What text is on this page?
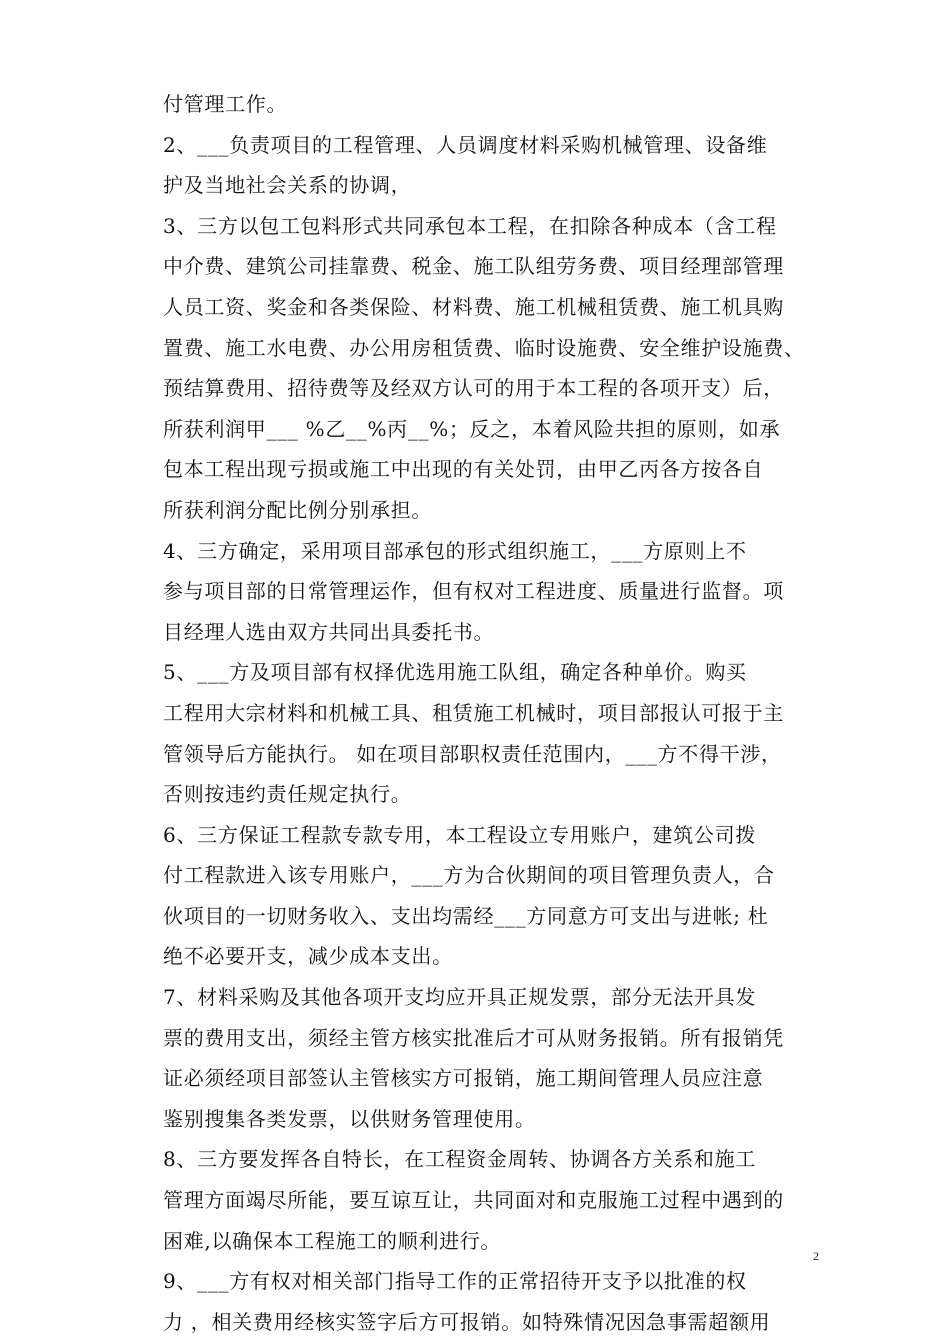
付管理工作。
2、___负责项目的工程管理、人员调度材料采购机械管理、设备维
护及当地社会关系的协调，
3、三方以包工包料形式共同承包本工程，在扣除各种成本（含工程
中介费、建筑公司挂靠费、税金、施工队组劳务费、项目经理部管理
人员工资、奖金和各类保险、材料费、施工机械租赁费、施工机具购
置费、施工水电费、办公用房租赁费、临时设施费、安全维护设施费、
预结算费用、招待费等及经双方认可的用于本工程的各项开支）后，
所获利润甲___ %乙__%丙__%；反之，本着风险共担的原则，如承
包本工程出现亏损或施工中出现的有关处罚，由甲乙丙各方按各自
所获利润分配比例分别承担。
4、三方确定，采用项目部承包的形式组织施工，___方原则上不
参与项目部的日常管理运作，但有权对工程进度、质量进行监督。项
目经理人选由双方共同出具委托书。
5、___方及项目部有权择优选用施工队组，确定各种单价。购买
工程用大宗材料和机械工具、租赁施工机械时，项目部报认可报于主
管领导后方能执行。 如在项目部职权责任范围内，___方不得干涉，
否则按违约责任规定执行。
6、三方保证工程款专款专用，本工程设立专用账户，建筑公司拨
付工程款进入该专用账户，___方为合伙期间的项目管理负责人，合
伙项目的一切财务收入、支出均需经___方同意方可支出与进帐; 杜
绝不必要开支，减少成本支出。
7、材料采购及其他各项开支均应开具正规发票，部分无法开具发
票的费用支出，须经主管方核实批准后才可从财务报销。所有报销凭
证必须经项目部签认主管核实方可报销，施工期间管理人员应注意
鉴别搜集各类发票，以供财务管理使用。
8、三方要发挥各自特长，在工程资金周转、协调各方关系和施工
管理方面竭尽所能，要互谅互让，共同面对和克服施工过程中遇到的
困难,以确保本工程施工的顺利进行。
9、___方有权对相关部门指导工作的正常招待开支予以批准的权
力 ，相关费用经核实签字后方可报销。如特殊情况因急事需超额用
2
